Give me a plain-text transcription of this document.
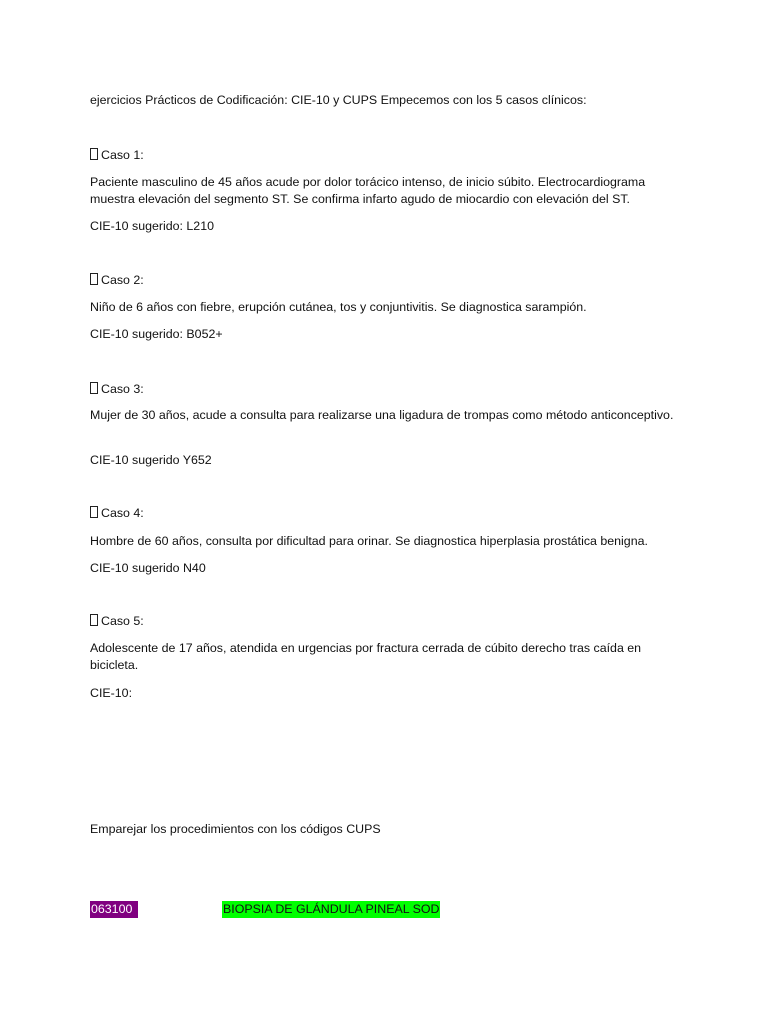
ejercicios Prácticos de Codificación: CIE-10 y CUPS Empecemos con los 5 casos clínicos:

Caso 1:

Paciente masculino de 45 años acude por dolor torácico intenso, de inicio súbito. Electrocardiograma muestra elevación del segmento ST. Se confirma infarto agudo de miocardio con elevación del ST.

CIE-10 sugerido: L210

Caso 2:

Niño de 6 años con fiebre, erupción cutánea, tos y conjuntivitis. Se diagnostica sarampión.

CIE-10 sugerido: B052+

Caso 3:

Mujer de 30 años, acude a consulta para realizarse una ligadura de trompas como método anticonceptivo.

CIE-10 sugerido Y652

Caso 4:

Hombre de 60 años, consulta por dificultad para orinar. Se diagnostica hiperplasia prostática benigna.

CIE-10 sugerido N40

Caso 5:

Adolescente de 17 años, atendida en urgencias por fractura cerrada de cúbito derecho tras caída en bicicleta.

CIE-10:

Emparejar los procedimientos con los códigos CUPS

063100	BIOPSIA DE GLÁNDULA PINEAL SOD
